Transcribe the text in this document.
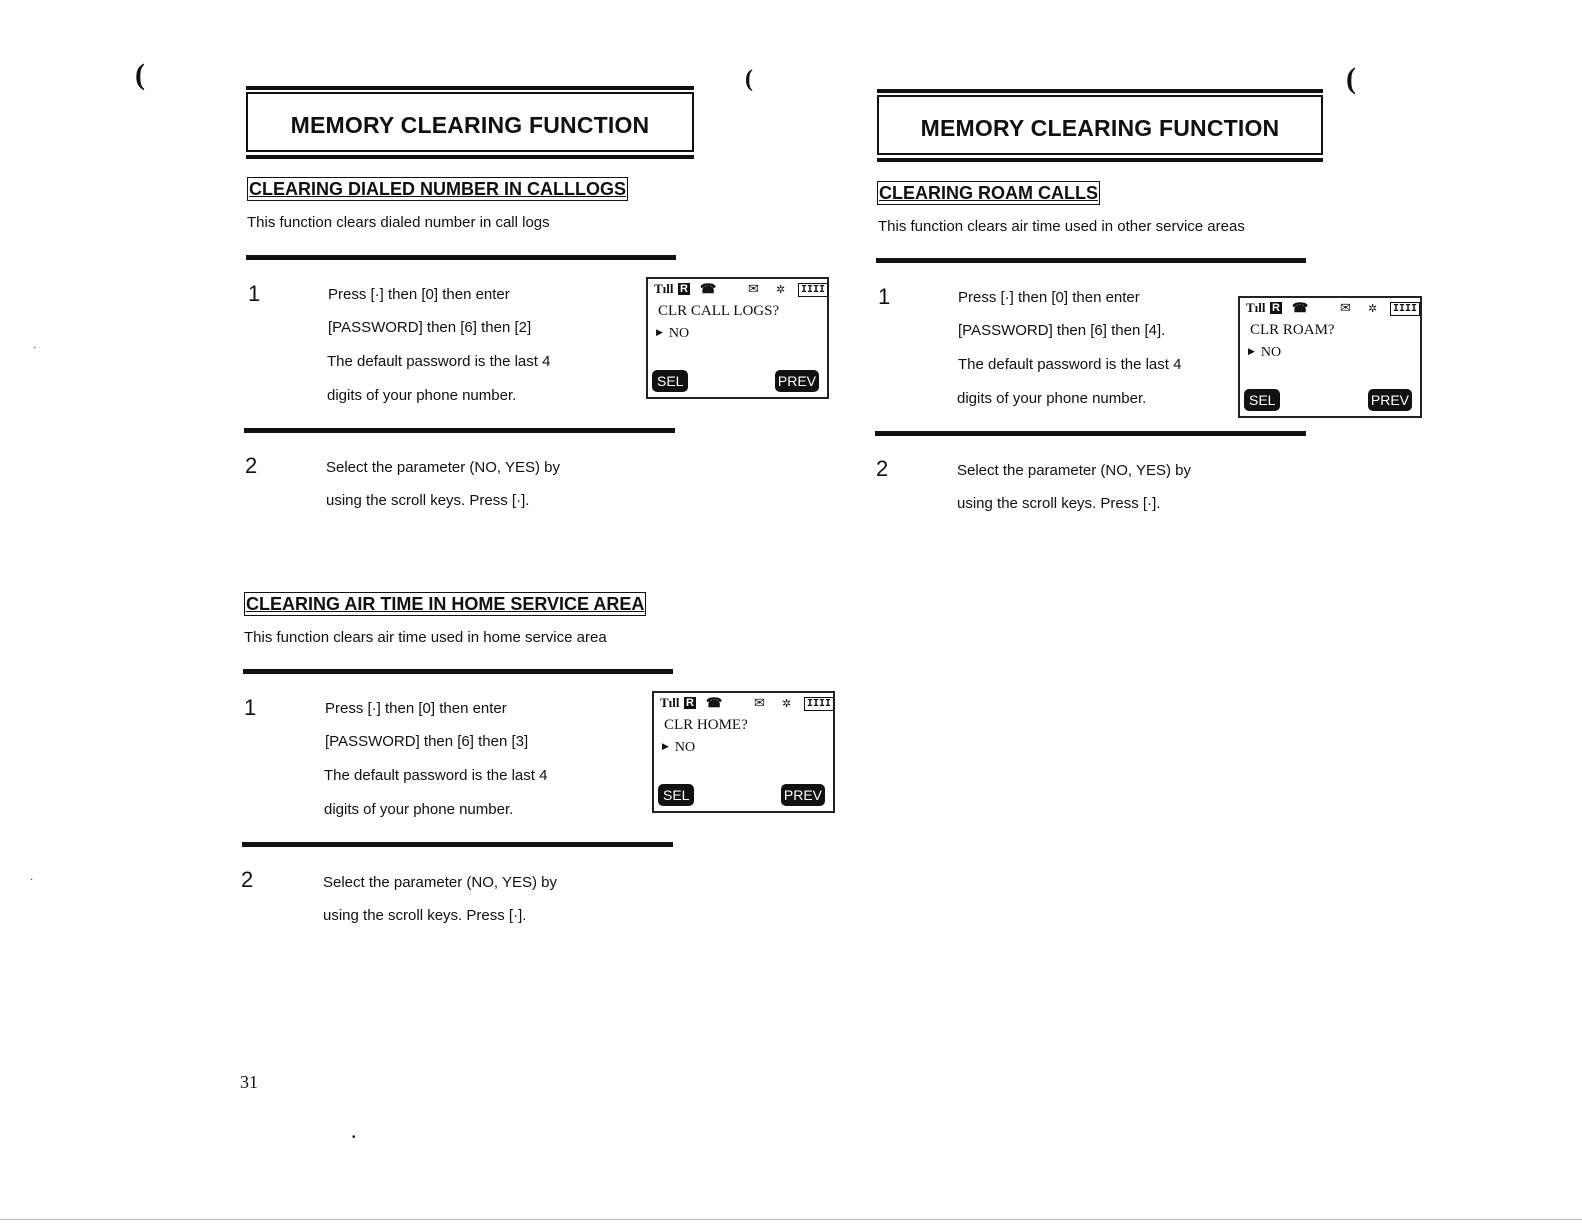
(	(	(
·
·
•
MEMORY CLEARING FUNCTION
CLEARING DIALED NUMBER IN CALLLOGS
This function clears dialed number in call logs
1	Press [·] then [0] then enter
[PASSWORD] then [6] then [2]
The default password is the last 4
digits of your phone number.
Tıll R ☎ ✉ ✲	IIII
CLR CALL LOGS?
▶ NO
SEL	PREV
2	Select the parameter (NO, YES) by
using the scroll keys. Press [·].
CLEARING AIR TIME IN HOME SERVICE AREA
This function clears air time used in home service area
1	Press [·] then [0] then enter
[PASSWORD] then [6] then [3]
The default password is the last 4
digits of your phone number.
Tıll R ☎ ✉ ✲	IIII
CLR HOME?
▶ NO
SEL	PREV
2	Select the parameter (NO, YES) by
using the scroll keys. Press [·].
31
MEMORY CLEARING FUNCTION
CLEARING ROAM CALLS
This function clears air time used in other service areas
1	Press [·] then [0] then enter
[PASSWORD] then [6] then [4].
The default password is the last 4
digits of your phone number.
Tıll R ☎ ✉ ✲	IIII
CLR ROAM?
▶ NO
SEL	PREV
2	Select the parameter (NO, YES) by
using the scroll keys. Press [·].
